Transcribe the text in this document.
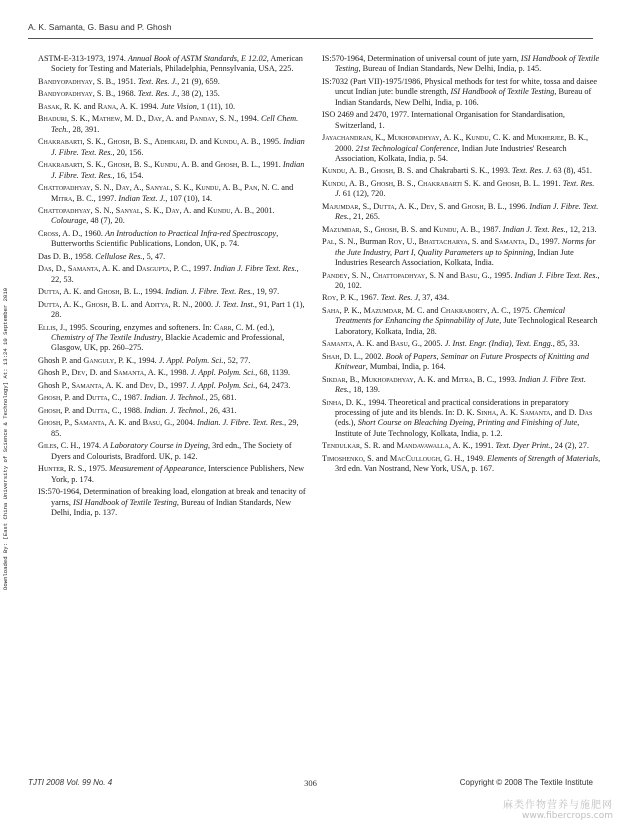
A. K. Samanta, G. Basu and P. Ghosh
Downloaded By: [East China University of Science & Technology] At: 13:24 10 September 2010

ASTM-E-313-1973, 1974. Annual Book of ASTM Standards, E 12.02, American Society for Testing and Materials, Philadelphia, Pennsylvania, USA, 225.

Bandyopadhyay, S. B., 1951. Text. Res. J., 21 (9), 659.

Bandyopadhyay, S. B., 1968. Text. Res. J., 38 (2), 135.

Basak, R. K. and Rana, A. K. 1994. Jute Vision, 1 (11), 10.

Bhaduri, S. K., Mathew, M. D., Day, A. and Panday, S. N., 1994. Cell Chem. Tech., 28, 391.

Chakrabarti, S. K., Ghosh, B. S., Adhikari, D. and Kundu, A. B., 1995. Indian J. Fibre. Text. Res., 20, 156.

Chakrabarti, S. K., Ghosh, B. S., Kundu, A. B. and Ghosh, B. L., 1991. Indian J. Fibre. Text. Res., 16, 154.

Chattopadhyay, S. N., Day, A., Sanyal, S. K., Kundu, A. B., Pan, N. C. and Mitra, B. C., 1997. Indian Text. J., 107 (10), 14.

Chattopadhyay, S. N., Sanyal, S. K., Day, A. and Kundu, A. B., 2001. Colourage, 48 (7), 20.

Cross, A. D., 1960. An Introduction to Practical Infra-red Spectroscopy, Butterworths Scientific Publications, London, UK, p. 74.

Das D. B., 1958. Cellulose Res., 5, 47.

Das, D., Samanta, A. K. and Dasgupta, P. C., 1997. Indian J. Fibre Text. Res., 22, 53.

Dutta, A. K. and Ghosh, B. L., 1994. Indian. J. Fibre. Text. Res., 19, 97.

Dutta, A. K., Ghosh, B. L. and Aditya, R. N., 2000. J. Text. Inst., 91, Part 1 (1), 28.

Ellis, J., 1995. Scouring, enzymes and softeners. In: Carr, C. M. (ed.), Chemistry of The Textile Industry, Blackie Academic and Professional, Glasgow, UK, pp. 260–275.

Ghosh P. and Ganguly, P. K., 1994. J. Appl. Polym. Sci., 52, 77.

Ghosh P., Dev, D. and Samanta, A. K., 1998. J. Appl. Polym. Sci., 68, 1139.

Ghosh P., Samanta, A. K. and Dev, D., 1997. J. Appl. Polym. Sci., 64, 2473.

Ghosh, P. and Dutta, C., 1987. Indian. J. Technol., 25, 681.

Ghosh, P. and Dutta, C., 1988. Indian. J. Technol., 26, 431.

Ghosh, P., Samanta, A. K. and Basu, G., 2004. Indian. J. Fibre. Text. Res., 29, 85.

Giles, C. H., 1974. A Laboratory Course in Dyeing, 3rd edn., The Society of Dyers and Colourists, Bradford. UK, p. 142.

Hunter, R. S., 1975. Measurement of Appearance, Interscience Publishers, New York, p. 174.

IS:570-1964, Determination of breaking load, elongation at break and tenacity of yarns, ISI Handbook of Textile Testing, Bureau of Indian Standards, New Delhi, India, p. 137.

IS:570-1964, Determination of universal count of jute yarn, ISI Handbook of Textile Testing, Bureau of Indian Standards, New Delhi, India, p. 145.

IS:7032 (Part VII)-1975/1986, Physical methods for test for white, tossa and daisee uncut Indian jute: bundle strength, ISI Handbook of Textile Testing, Bureau of Indian Standards, New Delhi, India, p. 106.

ISO 2469 and 2470, 1977. International Organisation for Standardisation, Switzerland, 1.

Jayachandran, K., Mukhopadhyay, A. K., Kundu, C. K. and Mukherjee, B. K., 2000. 21st Technological Conference, Indian Jute Industries' Research Association, Kolkata, India, p. 54.

Kundu, A. B., Ghosh, B. S. and Chakrabarti S. K., 1993. Text. Res. J. 63 (8), 451.

Kundu, A. B., Ghosh, B. S., Chakrabarti S. K. and Ghosh, B. L. 1991. Text. Res. J. 61 (12), 720.

Majumdar, S., Dutta, A. K., Dey, S. and Ghosh, B. L., 1996. Indian J. Fibre. Text. Res., 21, 265.

Mazumdar, S., Ghosh, B. S. and Kundu, A. B., 1987. Indian J. Text. Res., 12, 213.

Pal, S. N., Burman Roy, U., Bhattacharya, S. and Samanta, D., 1997. Norms for the Jute Industry, Part I, Quality Parameters up to Spinning, Indian Jute Industries Research Association, Kolkata, India.

Pandey, S. N., Chattopadhyay, S. N and Basu, G., 1995. Indian J. Fibre Text. Res., 20, 102.

Roy, P. K., 1967. Text. Res. J, 37, 434.

Saha, P. K., Mazumdar, M. C. and Chakraborty, A. C., 1975. Chemical Treatments for Enhancing the Spinnability of Jute, Jute Technological Research Laboratory, Kolkata, India, 28.

Samanta, A. K. and Basu, G., 2005. J. Inst. Engr. (India), Text. Engg., 85, 33.

Shah, D. L., 2002. Book of Papers, Seminar on Future Prospects of Knitting and Knitwear, Mumbai, India, p. 164.

Sikdar, B., Mukhopadhyay, A. K. and Mitra, B. C., 1993. Indian J. Fibre Text. Res., 18, 139.

Sinha, D. K., 1994. Theoretical and practical considerations in preparatory processing of jute and its blends. In: D. K. Sinha, A. K. Samanta, and D. Das (eds.), Short Course on Bleaching Dyeing, Printing and Finishing of Jute, Institute of Jute Technology, Kolkata, India, p. 1.2.

Tendulkar, S. R. and Mandavawalla, A. K., 1991. Text. Dyer Print., 24 (2), 27.

Timoshenko, S. and MacCullough, G. H., 1949. Elements of Strength of Materials, 3rd edn. Van Nostrand, New York, USA, p. 167.

TJTI 2008 Vol. 99 No. 4	306	Copyright © 2008 The Textile Institute
麻类作物营养与施肥网
www.fibercrops.com
